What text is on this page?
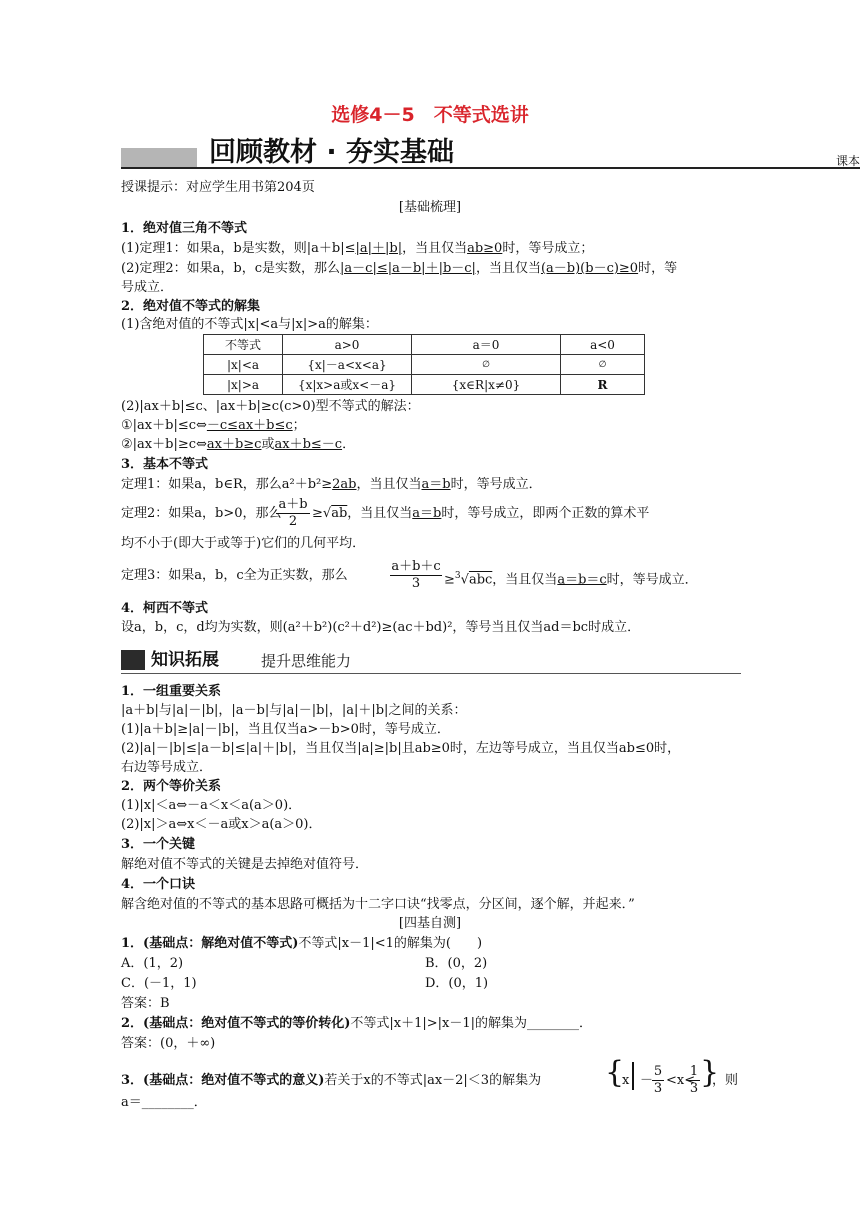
选修4－5　不等式选讲
回顾教材 · 夯实基础	课本
授课提示：对应学生用书第204页
[基础梳理]
1．绝对值三角不等式
(1)定理1：如果a，b是实数，则|a＋b|≤|a|＋|b|，当且仅当ab≥0时，等号成立；
(2)定理2：如果a，b，c是实数，那么|a－c|≤|a－b|＋|b－c|，当且仅当(a－b)(b－c)≥0时，等
号成立．
2．绝对值不等式的解集
(1)含绝对值的不等式|x|<a与|x|>a的解集：
不等式	a>0	a＝0	a<0
|x|<a	{x|－a<x<a}	∅	∅
|x|>a	{x|x>a或x<－a}	{x∈R|x≠0}	R
(2)|ax＋b|≤c、|ax＋b|≥c(c>0)型不等式的解法：
①|ax＋b|≤c⇔－c≤ax＋b≤c；
②|ax＋b|≥c⇔ax＋b≥c或ax＋b≤－c．
3．基本不等式
定理1：如果a，b∈R，那么a²＋b²≥2ab，当且仅当a＝b时，等号成立．
定理2：如果a，b>0，那么
$\frac{a+b}{2} \ge√ab$，当且仅当a＝b时，等号成立，即两个正数的算术平
均不小于(即大于或等于)它们的几何平均．
定理3：如果a，b，c全为正实数，那么	$\frac{a+b+c}{3} \ge^3√abc$，当且仅当a＝b＝c时，等号成立．
4．柯西不等式
设a，b，c，d均为实数，则(a²＋b²)(c²＋d²)≥(ac＋bd)²，等号当且仅当ad＝bc时成立．
知识拓展	提升思维能力
1．一组重要关系
|a＋b|与|a|－|b|，|a－b|与|a|－|b|，|a|＋|b|之间的关系：
(1)|a＋b|≥|a|－|b|，当且仅当a>－b>0时，等号成立．
(2)|a|－|b|≤|a－b|≤|a|＋|b|，当且仅当|a|≥|b|且ab≥0时，左边等号成立，当且仅当ab≤0时，
右边等号成立．
2．两个等价关系
(1)|x|＜a⇔－a＜x＜a(a＞0)．
(2)|x|＞a⇔x＜－a或x＞a(a＞0)．
3．一个关键
解绝对值不等式的关键是去掉绝对值符号．
4．一个口诀
解含绝对值的不等式的基本思路可概括为十二字口诀“找零点，分区间，逐个解，并起来．”
[四基自测]
1．(基础点：解绝对值不等式)不等式|x－1|<1的解集为(　　)
A．(1，2)	B．(0，2)
C．(－1，1)	D．(0，1)
答案：B
2．(基础点：绝对值不等式的等价转化)不等式|x＋1|>|x－1|的解集为________．
答案：(0，＋∞)
3．(基础点：绝对值不等式的意义)若关于x的不等式|ax－2|＜3的解集为 {
x －
$\frac{5}{3} <x<$
$\frac{1}{3}$ }
，则
a＝________．
